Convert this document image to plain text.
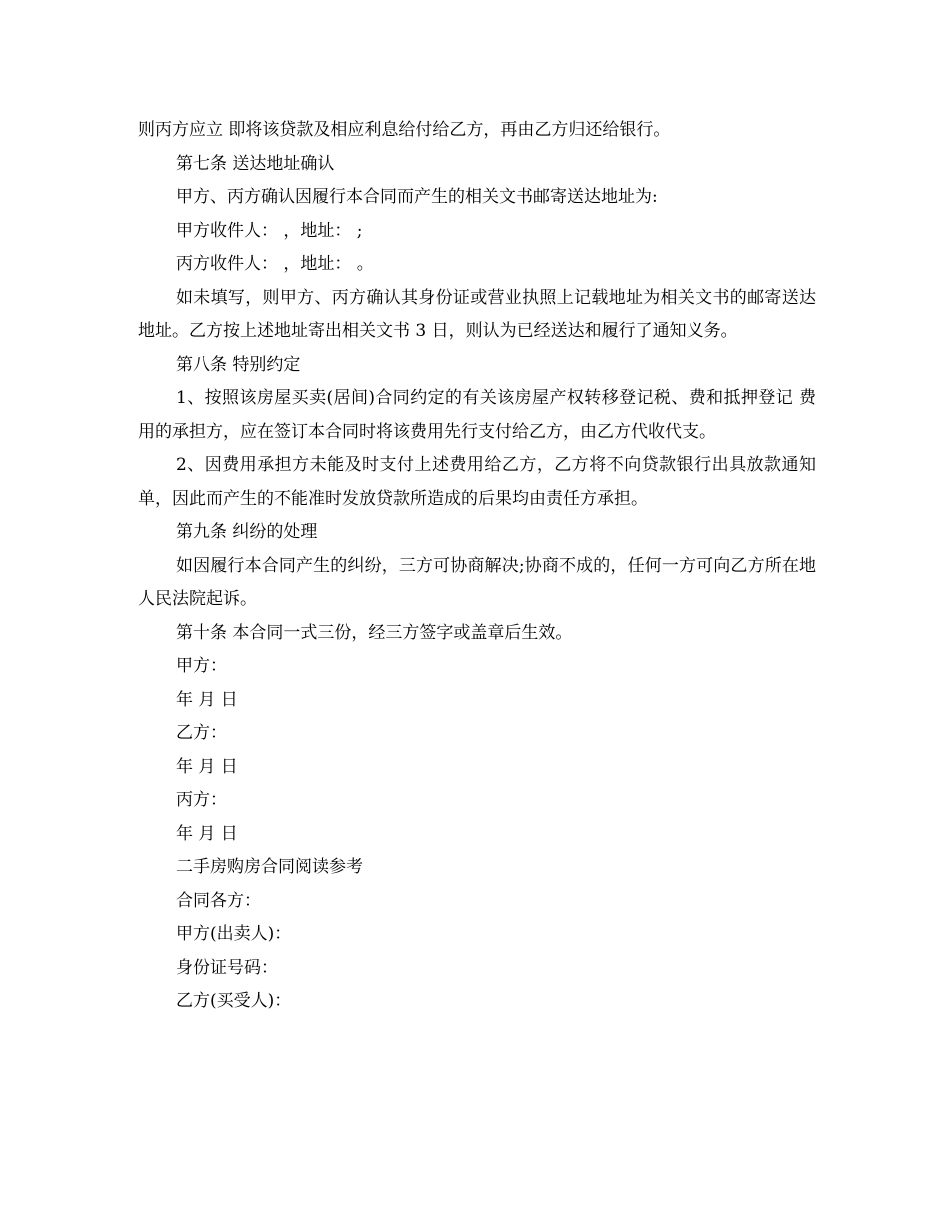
则丙方应立 即将该贷款及相应利息给付给乙方，再由乙方归还给银行。

第七条 送达地址确认

甲方、丙方确认因履行本合同而产生的相关文书邮寄送达地址为:

甲方收件人： ，地址： ;

丙方收件人： ，地址： 。

如未填写，则甲方、丙方确认其身份证或营业执照上记载地址为相关文书的邮寄送达 地址。乙方按上述地址寄出相关文书 3 日，则认为已经送达和履行了通知义务。

第八条 特别约定

1、按照该房屋买卖(居间)合同约定的有关该房屋产权转移登记税、费和抵押登记 费用的承担方，应在签订本合同时将该费用先行支付给乙方，由乙方代收代支。

2、因费用承担方未能及时支付上述费用给乙方，乙方将不向贷款银行出具放款通知 单，因此而产生的不能准时发放贷款所造成的后果均由责任方承担。

第九条 纠纷的处理

如因履行本合同产生的纠纷，三方可协商解决;协商不成的，任何一方可向乙方所在地人民法院起诉。

第十条 本合同一式三份，经三方签字或盖章后生效。

甲方：

年 月 日

乙方：

年 月 日

丙方：

年 月 日

二手房购房合同阅读参考

合同各方：

甲方(出卖人)：

身份证号码：

乙方(买受人)：
